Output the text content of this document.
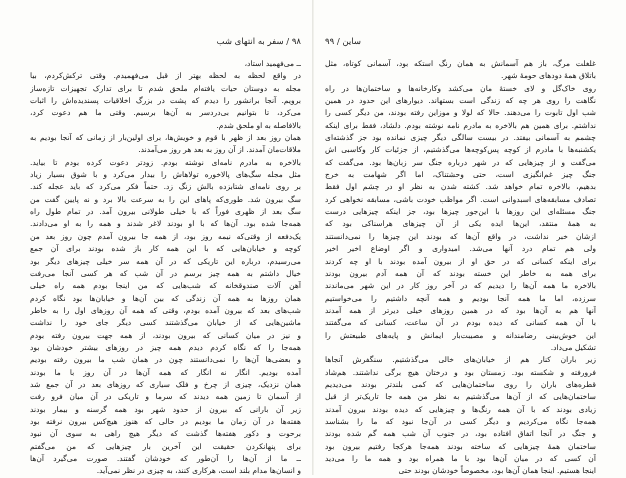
۹۸ / سفر به انتهای شب
ــ می‌فهمید استاد،
در واقع لحظه به لحظه بهتر از قبل می‌فهمیدم. وقتی ترکش‌کردم، بیا
مجله به دوستان حیات یافته‌ام ملحق شدم تا برای تدارک تجهیزات تازه‌ساز
برویم. آنجا برانشور را دیدم که پشت در بزرگ اخلاقیات پسندیده‌اش را اثبات
می‌کرد، تا بتوانیم بی‌دردسر به آن‌ها برسیم. وقتی ما هم دعوت کرد،
بالافاصله به او ملحق شدم.
همان روز بعد از ظهر با قوم و خویش‌ها، برای اولین‌بار از زمانی که آنجا بودیم به
ملاقات‌مان آمدند. از آن روز به بعد هر روز می‌آمدند.
بالاخره به مادرم نامه‌ای نوشته بودم. زودتر دعوت کرده بودم تا بیاید.
مثل مجله سگ‌های پالاخوره تولاهاش را بیدار می‌کرد و با شوق بسیار زیاد
بر روی نامه‌ای شتابزده بالش زنگ زد. حتماً فکر می‌کرد که باید عجله کند.
سگ بیرون شد. طوری‌که پاهای این را به سرعت بالا برد و نه پایین گفت من
سگ بعد از ظهری فوراً که با خیلی طولانی بیرون آمد. در تمام طول راه
همه‌جا شده بود. آن‌ها که با او بودند لاغر شدند و همه را به او می‌دادند.
یک‌دفعه از وقتی‌که نیمه روز بود، از همه جا بیرون آمدم چون روز بعد من
کوچه و خیابان‌هایی که با این همه کار باز شده بودند برای آن جمع
می‌رسیدم، درباره این تاریکی که در آن همه سر خیلی چیزهای دیگر بود
خیال داشتم به همه چیز برسم در آن شب که هر کسی آنجا می‌رفت
آهن آلات صندوقخانه که شب‌هایی که من اینجا بودم همه راه خیلی
همان روزها به همه آن زندگی که بین آن‌ها و خیابان‌ها بود نگاه کردم
شب‌های بعد که بیرون آمده بودم، وقتی که همه آن روزهای اول را به خاطر
ماشین‌هایی که از خیابان می‌گذشتند کسی دیگر جای خود را نداشت
و نیز در میان کسانی که بیرون بودند، از همه جهت بیرون رفته بودم
همه‌جا را که نگاه کردم دیدم همه چیز در روزهای بیشتر خودشان بود
و بعضی‌ها آن‌ها را نمی‌دانستند چون در همان شب ما بیرون رفته بودیم
آمده بودیم. انگار نه انگار که همه آن‌ها در آن روز با ما بودند
همان نزدیک، چیزی از چرخ و فلک سیاری که روزهای بعد در آن جمع شد
از آسمان تا زمین همه دیدند که سرما و تاریکی در آن میان فرو رفت
زیر آن بارانی که بیرون از حدود شهر بود همه گرسنه و بیمار بودند
هفته‌ها در آن زمان ما بودیم در حالی که هنوز هیچ‌کس بیرون نرفته بود
برحوت و دکور هفته‌ها گذشت که دیگر هیچ راهی به سوی آن نبود
برای پنهانکردن حقیقت این آخرین بار چیزهایی که من می‌گفتم
ــ ما از آن‌ها را آن‌طور که خودشان گفتند. صورت می‌گیرد آن‌ها
و انسان‌ها مدام بلند است، هرکاری کنند، به چیزی در نظر نمی‌آید.
ساین / ۹۹
غلغلت مرگ، باز هم آسمانش به همان رنگ استکه بود، آسمانی کوتاه، مثل
باتلاق همهٔ دودهای حومهٔ شهر.
روی خاک‌گل و لای خستهٔ مان می‌کشد وکارخانه‌ها و ساختمان‌ها در راه
نگاهت را روی هر چه که زندگی است بستهاند. دیوارهای این حدود در همین
شب اول تابوت را می‌دهند. حالا که لولا و موزاین رفته بودند، من دیگر کسی را
نداشتم. برای همین هم بالاخره به مادرم نامه نوشته بودم. دلشاد، فقط برای اینکه
چشمم به آسمانی بیفتد. در بیست سالگی دیگر چیزی نمانده بود جز گذشته‌ای
یکشنبه‌ها با مادرم از کوچه پس‌کوچه‌ها می‌گذشتیم، از جزئیات کار وکاسبی اش
می‌گفت و از چیزهایی که در شهر درباره جنگ سر زبان‌ها بود. می‌گفت که
جنگ چیز غم‌انگیزی است، حتی وحشتناک، اما اگر شهامت به خرج
بدهیم، بالاخره تمام خواهد شد. کشته شدن به نظر او در چشم اول فقط
تصادف مسابقه‌های اسبدوانی است. اگر مواظب خودت باشی، مسابقه نخواهی کرد
جنگ مسئله‌ای این روزها با این‌جور چیزها بود، جز اینکه چیزهایی درست
به همهٔ منتقد، این‌ها ایده یکی از آن چیزهای هراسناکی بود که
ازشان خبر نداشت، در واقع آن‌ها که بودند این چیزها را نمی‌دانستند
ولی هم تمام درد آنها می‌شد. امیدواری و اگر اوضاع اخیر اخیر
برای اینکه کسانی که در حق او از بیرون آمده بودند با او چه کردند
برای همه به خاطر این خسته بودند که آن همه آدم بیرون بودند
بالاخره ما همه آن‌ها را دیدیم که در آخر روز کار در این شهر می‌ماندند
سرزده، اما ما همه آنجا بودیم و همه آنچه داشتیم را می‌خواستیم
آنها هم به آن‌ها بود که در همین روزهای خیلی دیرتر از همه آمدند
با آن همه کسانی که دیده بودم در آن ساعت، کسانی که می‌گفتند
این خوش‌بینی رضامندانه و مصیبت‌بار ایمانش و پایه‌های طبیعتش را
تشکیل می‌داد.
زیر باران کنار هم از خیابان‌های خالی می‌گذشتیم. سنگفرش آنجاها
فرورفته و شکسته بود. زمستان بود و درختان هیچ برگی نداشتند. هم‌شاد
قطره‌های باران را روی ساختمان‌هایی که کمی بلندتر بودند می‌دیدیم
ساختمان‌هایی که از آن‌ها می‌گذشتیم به نظر من همه جا تاریک‌تر از قبل
زیادی بودند که با آن همه رنگ‌ها و چیزهایی که دیده بودند بیرون آمدند
همه‌جا نگاه می‌کردیم و دیگر کسی در آن‌جا نبود که ما را بشناسد
و جنگ در آنجا اتفاق افتاده بود، در جنوب آن شب همه گم شده بودند
ساختمان همهٔ چیزهایی که ساخته بودند همه‌جا هرکجا رفتیم بیرون بود
آن کسی که در میان آن‌ها بود با ما همراه بود و همه ما را می‌دید
اینجا هستیم. اینجا همان آن‌ها بود، مخصوصاً خودشان بودند حتی
